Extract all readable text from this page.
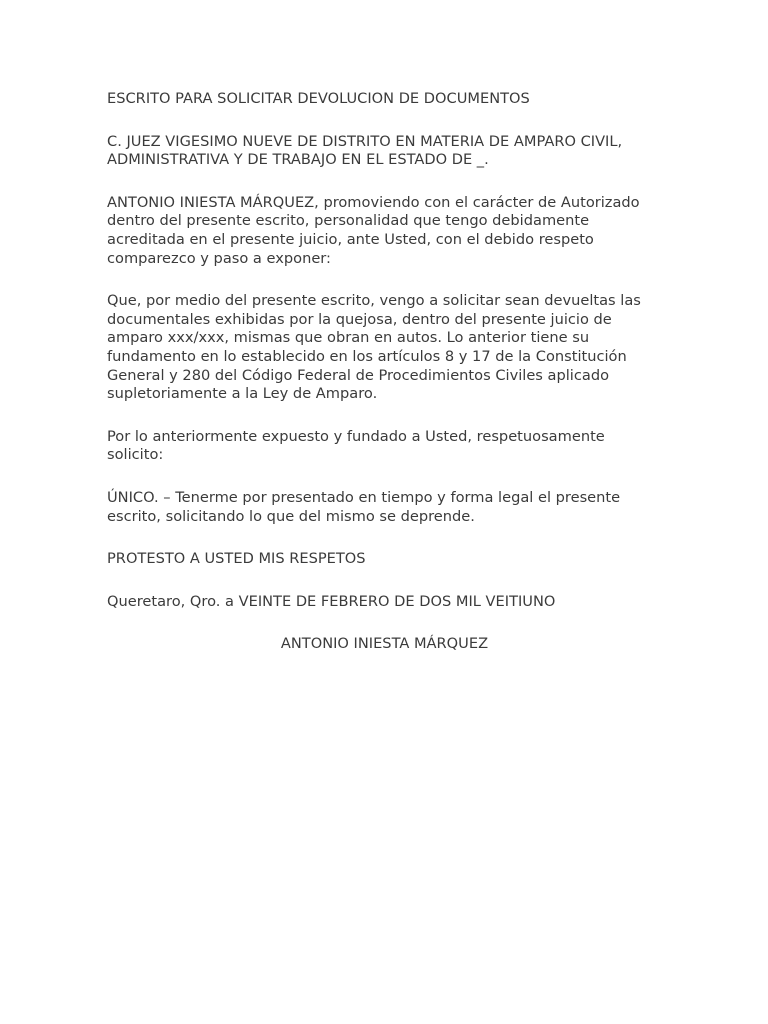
ESCRITO PARA SOLICITAR DEVOLUCION DE DOCUMENTOS

C. JUEZ VIGESIMO NUEVE DE DISTRITO EN MATERIA DE AMPARO CIVIL, ADMINISTRATIVA Y DE TRABAJO EN EL ESTADO DE _.

ANTONIO INIESTA MÁRQUEZ, promoviendo con el carácter de Autorizado dentro del presente escrito, personalidad que tengo debidamente acreditada en el presente juicio, ante Usted, con el debido respeto comparezco y paso a exponer:

Que, por medio del presente escrito, vengo a solicitar sean devueltas las documentales exhibidas por la quejosa, dentro del presente juicio de amparo xxx/xxx, mismas que obran en autos. Lo anterior tiene su fundamento en lo establecido en los artículos 8 y 17 de la Constitución General y 280 del Código Federal de Procedimientos Civiles aplicado supletoriamente a la Ley de Amparo.

Por lo anteriormente expuesto y fundado a Usted, respetuosamente solicito:

ÚNICO. – Tenerme por presentado en tiempo y forma legal el presente escrito, solicitando lo que del mismo se deprende.

PROTESTO A USTED MIS RESPETOS

Queretaro, Qro. a VEINTE DE FEBRERO DE DOS MIL VEITIUNO

ANTONIO INIESTA MÁRQUEZ
